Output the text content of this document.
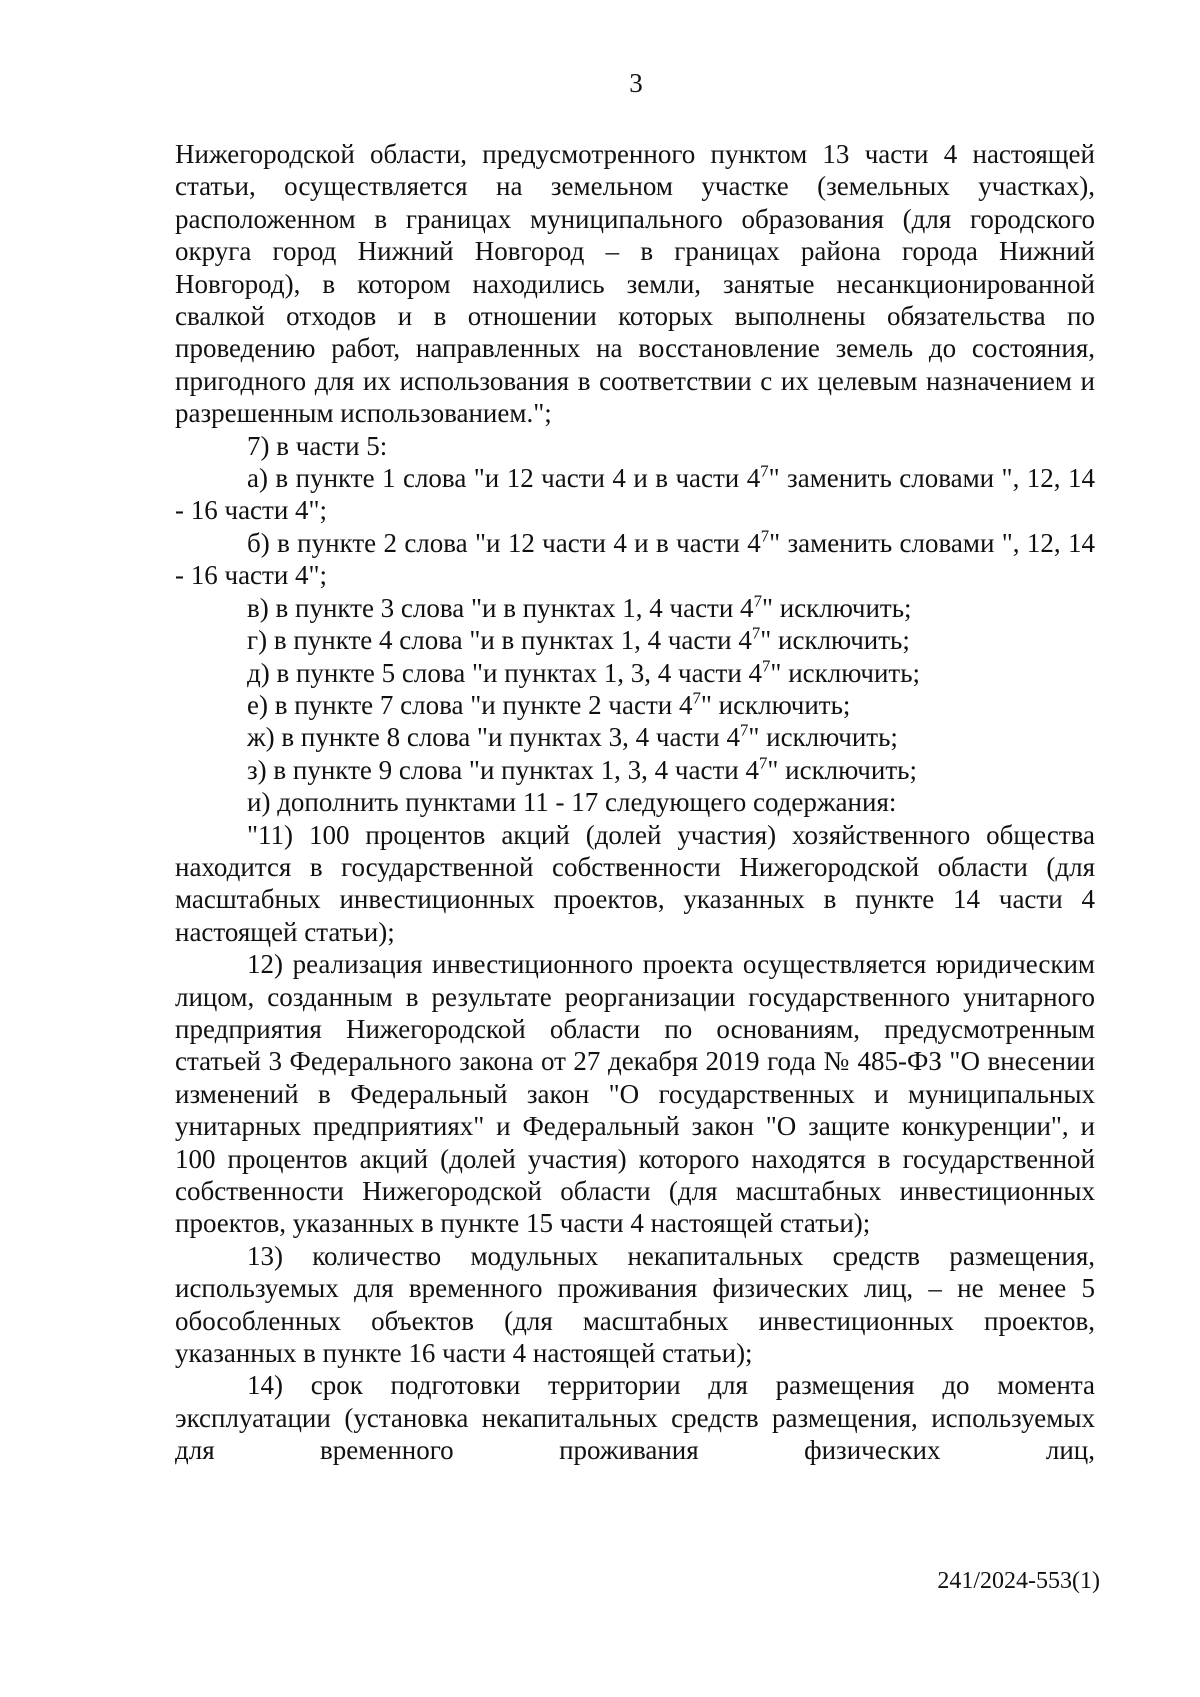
3

Нижегородской области, предусмотренного пунктом 13 части 4 настоящей статьи, осуществляется на земельном участке (земельных участках), расположенном в границах муниципального образования (для городского округа город Нижний Новгород – в границах района города Нижний Новгород), в котором находились земли, занятые несанкционированной свалкой отходов и в отношении которых выполнены обязательства по проведению работ, направленных на восстановление земель до состояния, пригодного для их использования в соответствии с их целевым назначением и разрешенным использованием.";

7) в части 5:

а) в пункте 1 слова "и 12 части 4 и в части $4^7$" заменить словами ", 12, 14 - 16 части 4";

б) в пункте 2 слова "и 12 части 4 и в части $4^7$" заменить словами ", 12, 14 - 16 части 4";

в) в пункте 3 слова "и в пунктах 1, 4 части $4^7$" исключить;

г) в пункте 4 слова "и в пунктах 1, 4 части $4^7$" исключить;

д) в пункте 5 слова "и пунктах 1, 3, 4 части $4^7$" исключить;

е) в пункте 7 слова "и пункте 2 части $4^7$" исключить;

ж) в пункте 8 слова "и пунктах 3, 4 части $4^7$" исключить;

з) в пункте 9 слова "и пунктах 1, 3, 4 части $4^7$" исключить;

и) дополнить пунктами 11 - 17 следующего содержания:

"11) 100 процентов акций (долей участия) хозяйственного общества находится в государственной собственности Нижегородской области (для масштабных инвестиционных проектов, указанных в пункте 14 части 4 настоящей статьи);

12) реализация инвестиционного проекта осуществляется юридическим лицом, созданным в результате реорганизации государственного унитарного предприятия Нижегородской области по основаниям, предусмотренным статьей 3 Федерального закона от 27 декабря 2019 года № 485-ФЗ "О внесении изменений в Федеральный закон "О государственных и муниципальных унитарных предприятиях" и Федеральный закон "О защите конкуренции", и 100 процентов акций (долей участия) которого находятся в государственной собственности Нижегородской области (для масштабных инвестиционных проектов, указанных в пункте 15 части 4 настоящей статьи);

13) количество модульных некапитальных средств размещения, используемых для временного проживания физических лиц, – не менее 5 обособленных объектов (для масштабных инвестиционных проектов, указанных в пункте 16 части 4 настоящей статьи);

14) срок подготовки территории для размещения до момента эксплуатации (установка некапитальных средств размещения, используемых для временного проживания физических лиц,

241/2024-553(1)
